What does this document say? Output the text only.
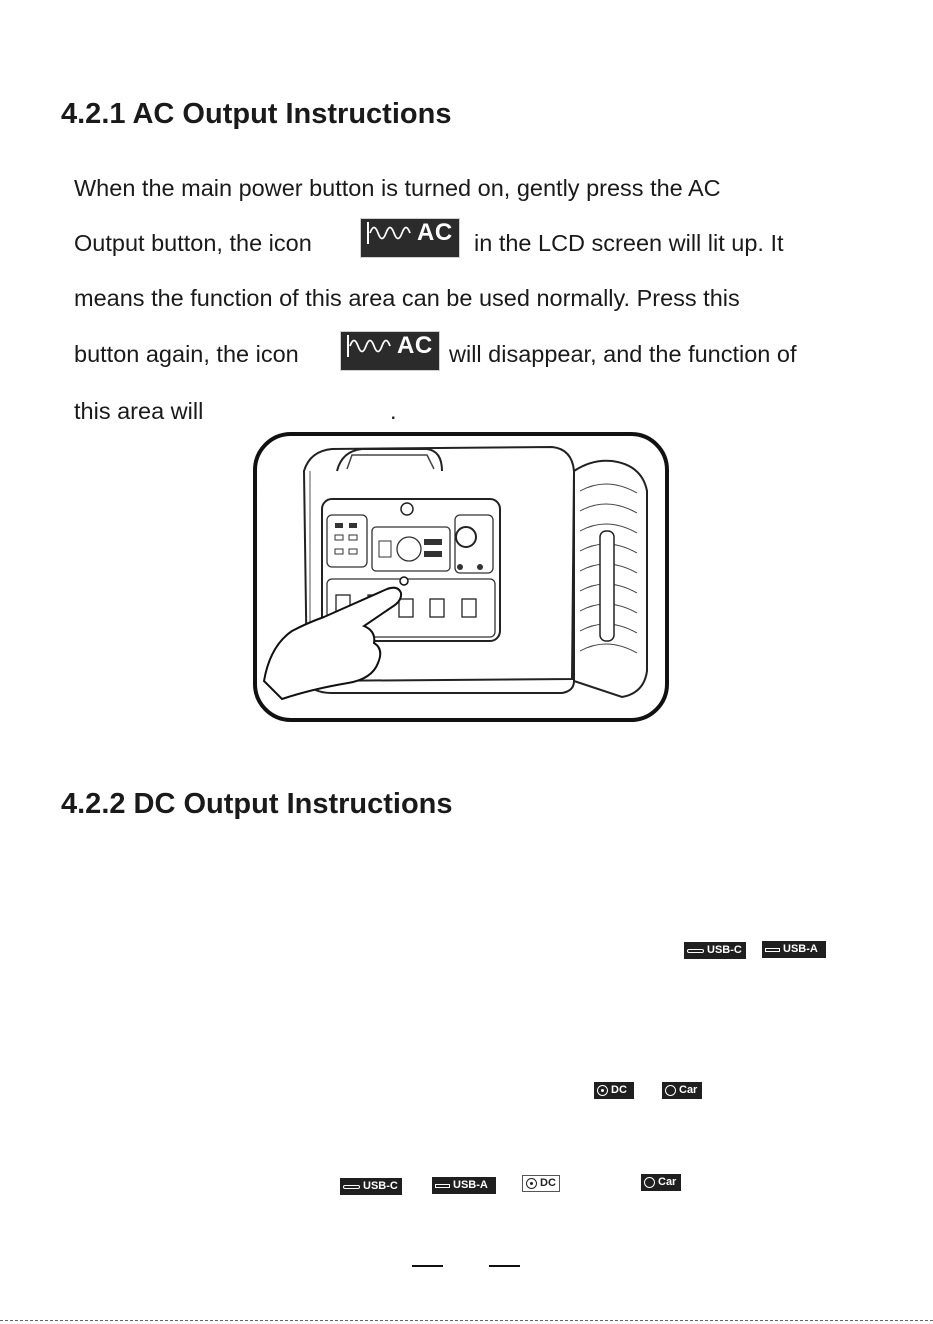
4.2.1 AC Output Instructions
When the main power button is turned on, gently press the AC
Output button, the icon	AC in the LCD screen will lit up. It
means the function of this area can be used normally. Press this
button again, the icon	AC will disappear, and the function of
this area will	.
4.2.2 DC Output Instructions
USB-C	USB-A
DC	Car
USB-C	USB-A	DC	Car
